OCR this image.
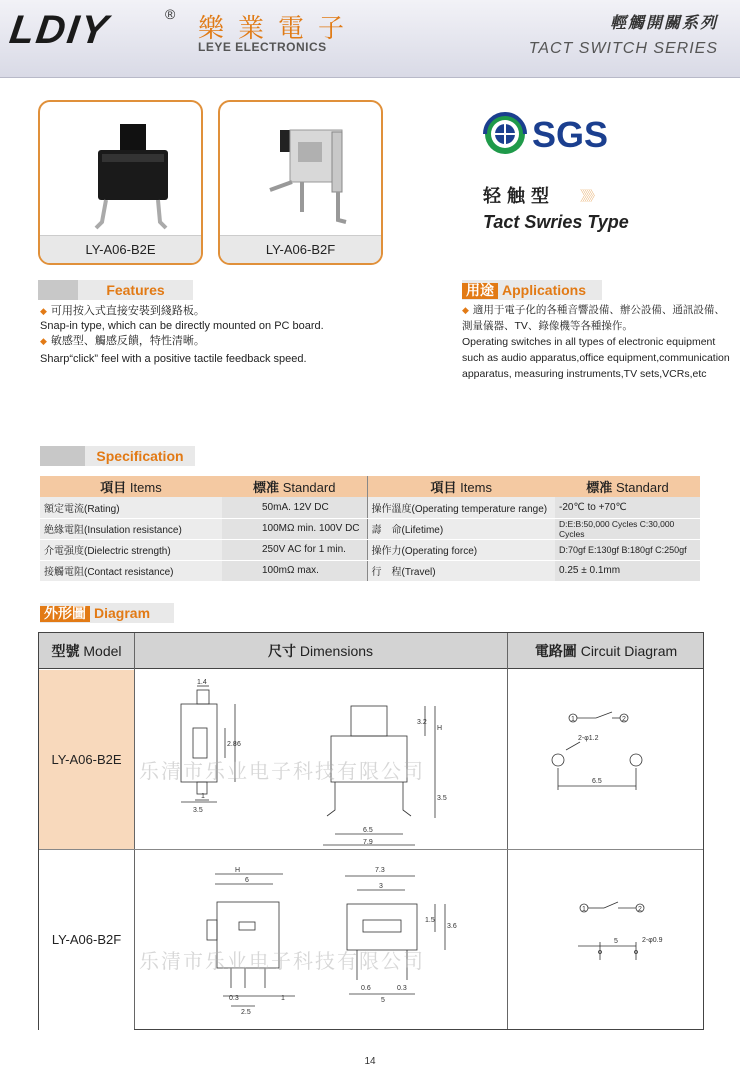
LDIY	® 樂業電子
LEYE ELECTRONICS
輕觸開關系列
TACT SWITCH SERIES
LY-A06-B2E	LY-A06-B2F
SGS
轻触型 》》》
Tact Swries Type
Features
◆ 可用按入式直接安裝到綫路板。
Snap-in type, which can be directly mounted on PC board.
◆ 敏感型、觸感反饋，特性清晰。
Sharp“click” feel with a positive tactile feedback speed.
用途 Applications
◆ 適用于電子化的各種音響設備、辦公設備、通訊設備、
測量儀器、TV、錄像機等各種操作。
Operating switches in all types of electronic equipment
such as audio apparatus,office equipment,communication
apparatus, measuring instruments,TV sets,VCRs,etc
Specification
項目 Items	標准 Standard	項目 Items	標准 Standard
額定電流(Rating)	50mA. 12V DC	操作溫度(Operating temperature range)	-20℃ to +70℃
絶緣電阻(Insulation resistance)	100MΩ min. 100V DC	壽　命(Lifetime)	D:E:B:50,000 Cycles C:30,000 Cycles
介電强度(Dielectric strength)	250V AC for 1 min.	操作力(Operating force)	D:70gf E:130gf B:180gf C:250gf
接觸電阻(Contact resistance)	100mΩ max.	行　程(Travel)	0.25 ± 0.1mm
外形圖 Diagram
型號 Model	尺寸 Dimensions	電路圖 Circuit Diagram
LY-A06-B2E
1.4
2.8 6
1
3.5
3.2
H
3.5
6.5
7.9
乐清市乐业电子科技有限公司
1	2
2-φ1.2
6.5
LY-A06-B2F
H
6
0.3
2.5
1
7.3
3
1.5
3.6
0.6
5
0.3
乐清市乐业电子科技有限公司
1	2
5	2-φ0.9
14
